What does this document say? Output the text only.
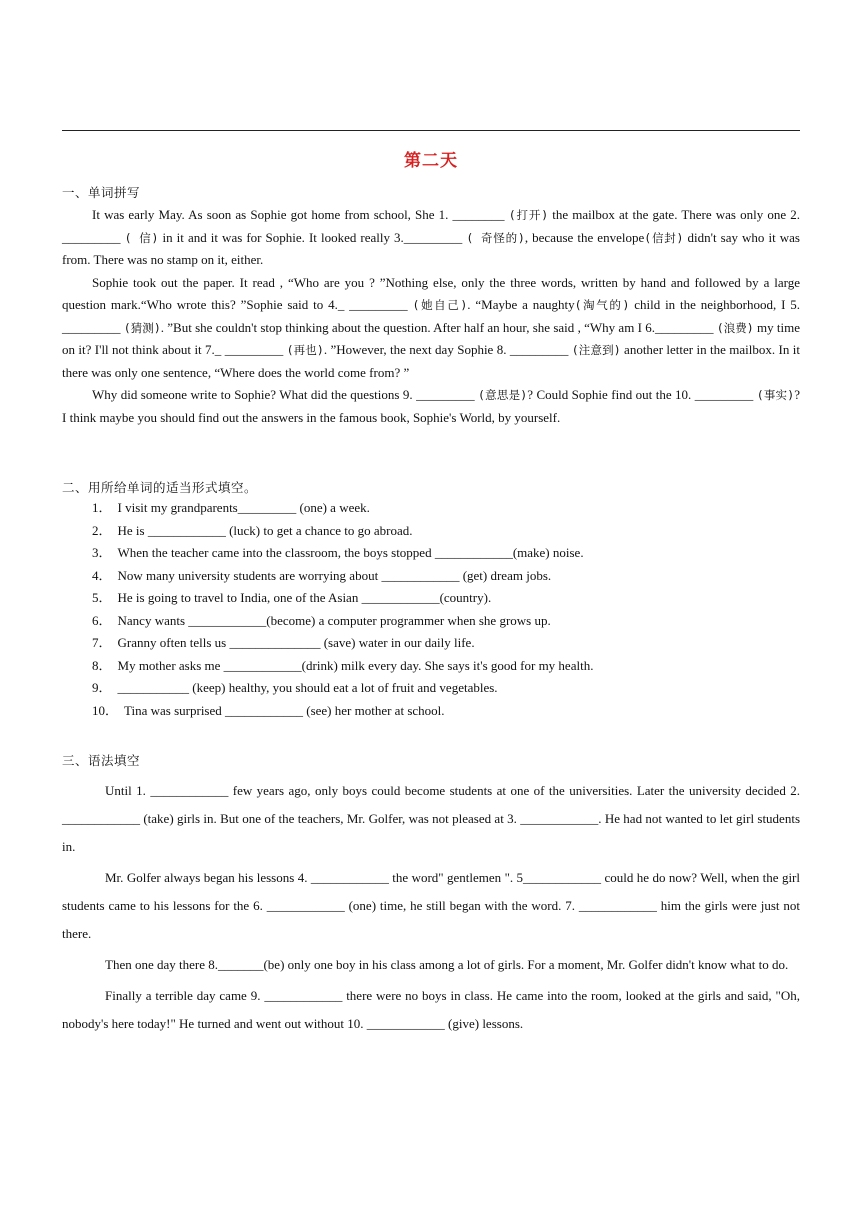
第二天
一、单词拼写

It was early May. As soon as Sophie got home from school, She 1. ________ (打开) the mailbox at the gate. There was only one 2. _________ ( 信) in it and it was for Sophie. It looked really 3._________ ( 奇怪的), because the envelope(信封) didn't say who it was from. There was no stamp on it, either.

Sophie took out the paper. It read , “Who are you ? ”Nothing else, only the three words, written by hand and followed by a large question mark.“Who wrote this? ”Sophie said to 4._ _________ (她自己). “Maybe a naughty(淘气的) child in the neighborhood, I 5. _________ (猜测). ”But she couldn't stop thinking about the question. After half an hour, she said , “Why am I 6._________ (浪费) my time on it? I'll not think about it 7._ _________ (再也). ”However, the next day Sophie 8. _________ (注意到) another letter in the mailbox. In it there was only one sentence, “Where does the world come from? ”

Why did someone write to Sophie? What did the questions 9. _________ (意思是)? Could Sophie find out the 10. _________ (事实)? I think maybe you should find out the answers in the famous book, Sophie's World, by yourself.

二、用所给单词的适当形式填空。
1． I visit my grandparents_________ (one) a week.
2． He is ____________ (luck) to get a chance to go abroad.
3． When the teacher came into the classroom, the boys stopped ____________(make) noise.
4． Now many university students are worrying about ____________ (get) dream jobs.
5． He is going to travel to India, one of the Asian ____________(country).
6． Nancy wants ____________(become) a computer programmer when she grows up.
7． Granny often tells us ______________ (save) water in our daily life.
8． My mother asks me ____________(drink) milk every day. She says it's good for my health.
9． ___________ (keep) healthy, you should eat a lot of fruit and vegetables.
10． Tina was surprised ____________ (see) her mother at school.
三、语法填空

Until 1. ____________ few years ago, only boys could become students at one of the universities. Later the university decided 2. ____________ (take) girls in. But one of the teachers, Mr. Golfer, was not pleased at 3. ____________. He had not wanted to let girl students in.

Mr. Golfer always began his lessons 4. ____________ the word" gentlemen ". 5____________ could he do now? Well, when the girl students came to his lessons for the 6. ____________ (one) time, he still began with the word. 7. ____________ him the girls were just not there.

Then one day there 8._______(be) only one boy in his class among a lot of girls. For a moment, Mr. Golfer didn't know what to do.

Finally a terrible day came 9. ____________ there were no boys in class. He came into the room, looked at the girls and said, "Oh, nobody's here today!" He turned and went out without 10. ____________ (give) lessons.
